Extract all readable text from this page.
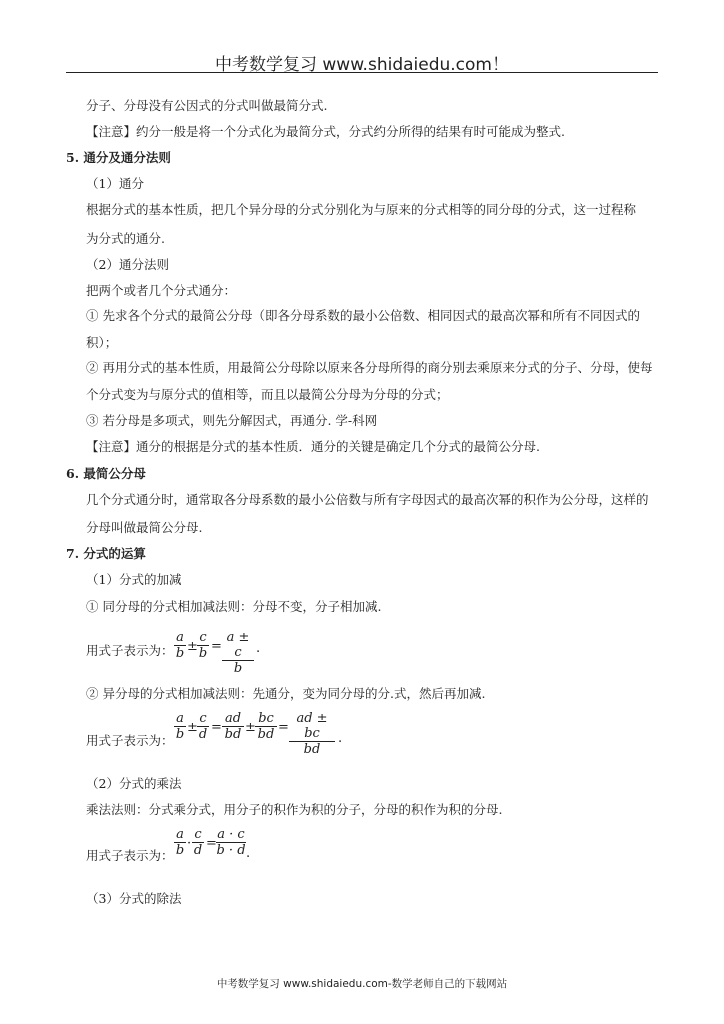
中考数学复习 www.shidaiedu.com！
分子、分母没有公因式的分式叫做最简分式.
【注意】约分一般是将一个分式化为最简分式，分式约分所得的结果有时可能成为整式.
5. 通分及通分法则
（1）通分
根据分式的基本性质，把几个异分母的分式分别化为与原来的分式相等的同分母的分式，这一过程称
为分式的通分.
（2）通分法则
把两个或者几个分式通分：
① 先求各个分式的最简公分母（即各分母系数的最小公倍数、相同因式的最高次幂和所有不同因式的
积）；
② 再用分式的基本性质，用最简公分母除以原来各分母所得的商分别去乘原来分式的分子、分母，使每
个分式变为与原分式的值相等，而且以最简公分母为分母的分式；
③ 若分母是多项式，则先分解因式，再通分. 学-科网
【注意】通分的根据是分式的基本性质．通分的关键是确定几个分式的最简公分母.
6. 最简公分母
几个分式通分时，通常取各分母系数的最小公倍数与所有字母因式的最高次幂的积作为公分母，这样的
分母叫做最简公分母.
7. 分式的运算
（1）分式的加减
① 同分母的分式相加减法则：分母不变，分子相加减.
用式子表示为：
a
b ±
c
b =
a ± c
b
.
② 异分母的分式相加减法则：先通分，变为同分母的分.式，然后再加减.
用式子表示为：
a
b ±
c
d =
ad
bd ±
bc
bd =
ad ± bc
bd
.
（2）分式的乘法
乘法法则：分式乘分式，用分子的积作为积的分子，分母的积作为积的分母.
用式子表示为：
a
b ·
c
d =
a · c
b · d .
（3）分式的除法
中考数学复习 www.shidaiedu.com-数学老师自己的下载网站
